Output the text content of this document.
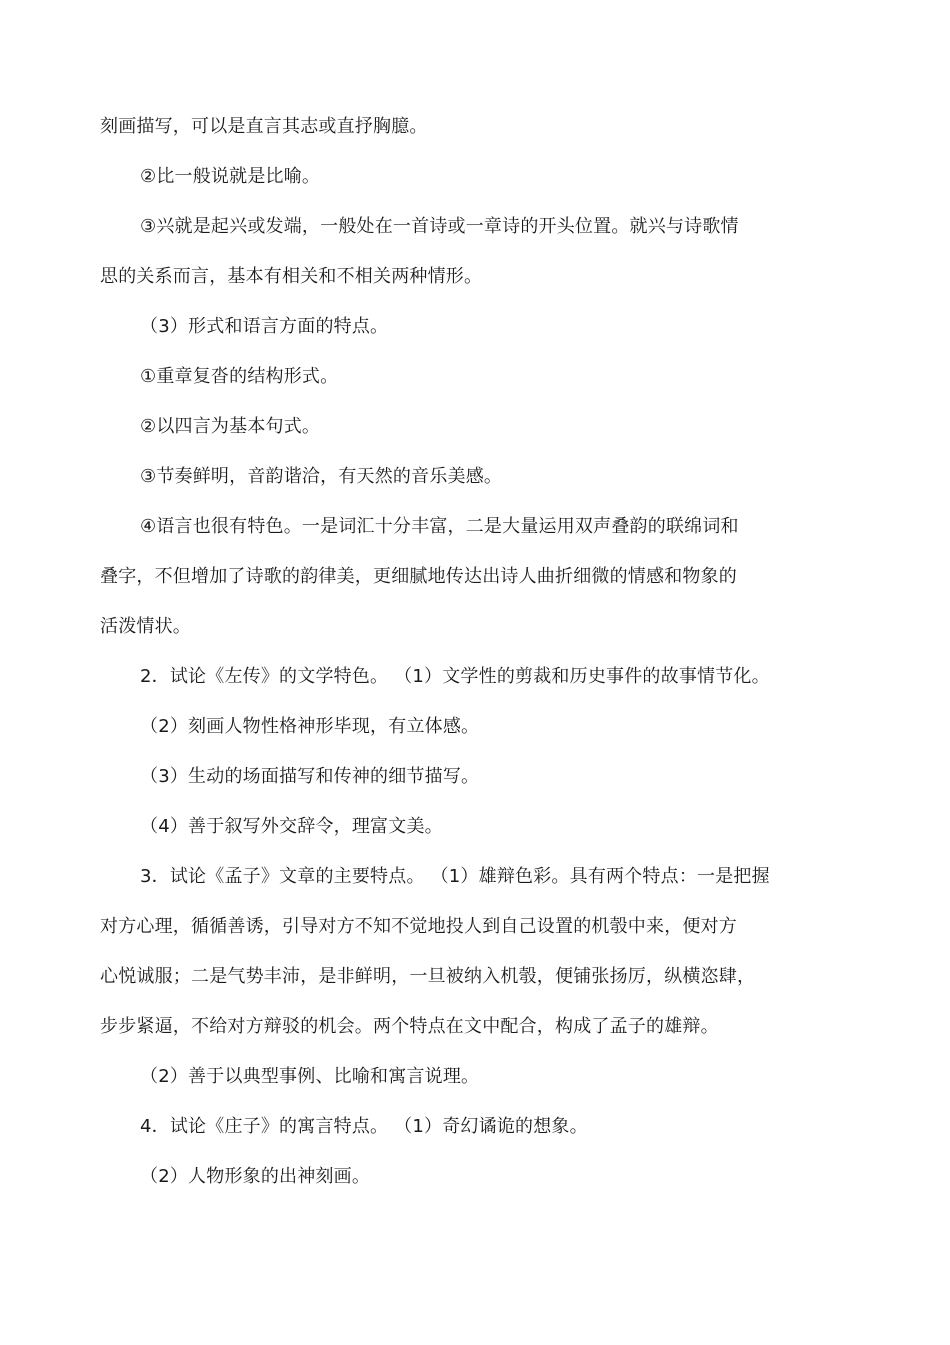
刻画描写，可以是直言其志或直抒胸臆。
②比一般说就是比喻。
③兴就是起兴或发端，一般处在一首诗或一章诗的开头位置。就兴与诗歌情
思的关系而言，基本有相关和不相关两种情形。
（3）形式和语言方面的特点。
①重章复沓的结构形式。
②以四言为基本句式。
③节奏鲜明，音韵谐洽，有天然的音乐美感。
④语言也很有特色。一是词汇十分丰富，二是大量运用双声叠韵的联绵词和
叠字，不但增加了诗歌的韵律美，更细腻地传达出诗人曲折细微的情感和物象的
活泼情状。
2．试论《左传》的文学特色。 （1）文学性的剪裁和历史事件的故事情节化。
（2）刻画人物性格神形毕现，有立体感。
（3）生动的场面描写和传神的细节描写。
（4）善于叙写外交辞令，理富文美。
3．试论《孟子》文章的主要特点。 （1）雄辩色彩。具有两个特点：一是把握
对方心理，循循善诱，引导对方不知不觉地投人到自己设置的机彀中来，便对方
心悦诚服；二是气势丰沛，是非鲜明，一旦被纳入机彀，便铺张扬厉，纵横恣肆，
步步紧逼，不给对方辩驳的机会。两个特点在文中配合，构成了孟子的雄辩。
（2）善于以典型事例、比喻和寓言说理。
4．试论《庄子》的寓言特点。 （1）奇幻谲诡的想象。
（2）人物形象的出神刻画。
